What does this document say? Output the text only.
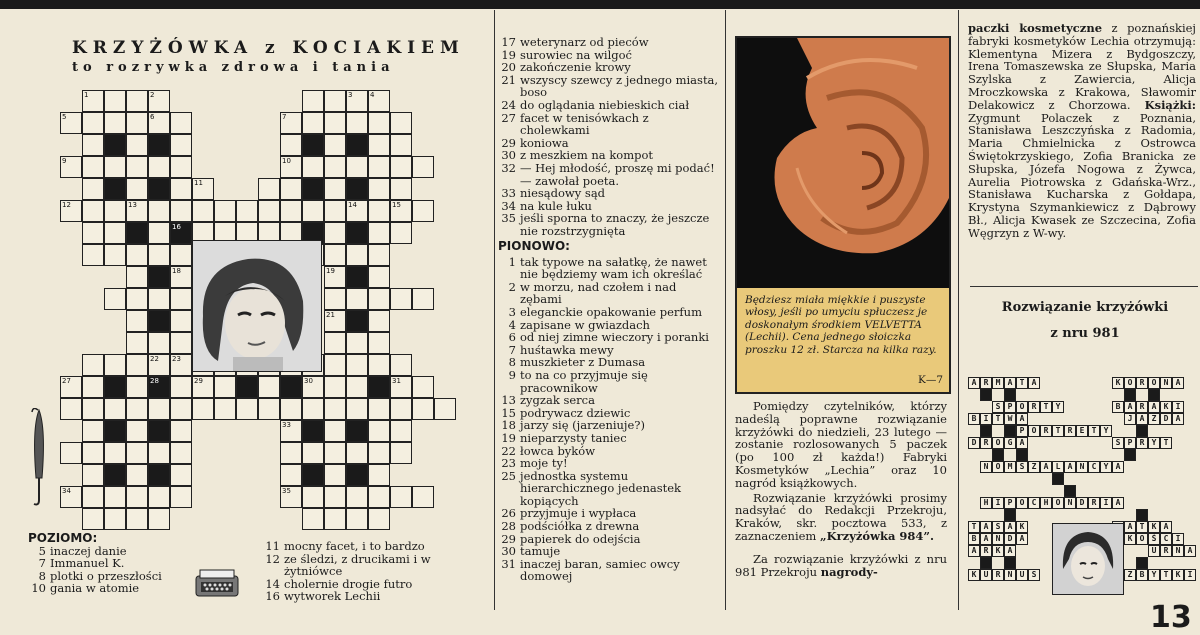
KRZYŻÓWKA z KOCIAKIEM
to rozrywka zdrowa i tania
1	2	3	4
5	6	7
9	10
11
12	13	14	15
16
18	19
21
22 23
27	28	29	30	31
33
34	35
POZIOMO:
5 inaczej danie
7 Immanuel K.
8 plotki o przeszłości
10 gania w atomie
11 mocny facet, i to bardzo
12 ze śledzi, z drucikami i w żytniówce
14 cholernie drogie futro
16 wytworek Lechii
17 weterynarz od pieców
19 surowiec na wilgoć
20 zakończenie krowy
21 wszyscy szewcy z jednego miasta, boso
24 do oglądania niebieskich ciał
27 facet w tenisówkach z cholewkami
29 koniowa
30 z meszkiem na kompot
32 — Hej młodość, proszę mi podać! — zawołał poeta.
33 niesądowy sąd
34 na kule łuku
35 jeśli sporna to znaczy, że jeszcze nie rozstrzygnięta
PIONOWO:
1 tak typowe na sałatkę, że nawet nie będziemy wam ich określać
2 w morzu, nad czołem i nad zębami
3 eleganckie opakowanie perfum
4 zapisane w gwiazdach
6 od niej zimne wieczory i poranki
7 huśtawka mewy
8 muszkieter z Dumasa
9 to na co przyjmuje się pracownikow
13 zygzak serca
15 podrywacz dziewic
18 jarzy się (jarzeniuje?)
19 nieparzysty taniec
22 łowca byków
23 moje ty!
25 jednostka systemu hierarchicznego jedenastek kopiących
26 przyjmuje i wypłaca
28 podściółka z drewna
29 papierek do odejścia
30 tamuje
31 inaczej baran, samiec owcy domowej
Będziesz miała miękkie i puszyste włosy, jeśli po umyciu spłuczesz je doskonałym środkiem VELVETTA (Lechii). Cena jednego słoiczka proszku 12 zł. Starcza na kilka razy.
K—7
Pomiędzy czytelników, którzy nadeślą poprawne rozwiązanie krzyżówki do niedzieli, 23 lutego — zostanie rozlosowanych 5 paczek (po 100 zł każda!) Fabryki Kosmetyków „Lechia” oraz 10 nagród książkowych.
Rozwiązanie krzyżówki prosimy nadsyłać do Redakcji Przekroju, Kraków, skr. pocztowa 533, z zaznaczeniem „Krzyżówka 984”.
Za rozwiązanie krzyżówki z nru 981 Przekroju nagrody-
paczki kosmetyczne z poznańskiej fabryki kosmetyków Lechia otrzymują: Klementyna Mizera z Bydgoszczy, Irena Tomaszewska ze Słupska, Maria Szylska z Zawiercia, Alicja Mroczkowska z Krakowa, Sławomir Delakowicz z Chorzowa. Książki: Zygmunt Polaczek z Poznania, Stanisława Leszczyńska z Radomia, Maria Chmielnicka z Ostrowca Świętokrzyskiego, Zofia Branicka ze Słupska, Józefa Nogowa z Żywca, Aurelia Piotrowska z Gdańska-Wrz., Stanisława Kucharska z Gołdapa, Krystyna Szymankiewicz z Dąbrowy Bł., Alicja Kwasek ze Szczecina, Zofia Węgrzyn z W-wy.
Rozwiązanie krzyżówki
z nru 981
A R M A T A	K O R O N A
S P O R T Y	B A R A K I
B I T W A	J A Z D A
P O R T R E T Y
D R O G A	S P R Y T
N O M S Z A L A N C Y A
H I P O C H O N D R I A
T A S A K	A T K A
B A N D A	K O Ś C I
A R K A	U R N A
K U R N U S	Z B Y T K I
13
